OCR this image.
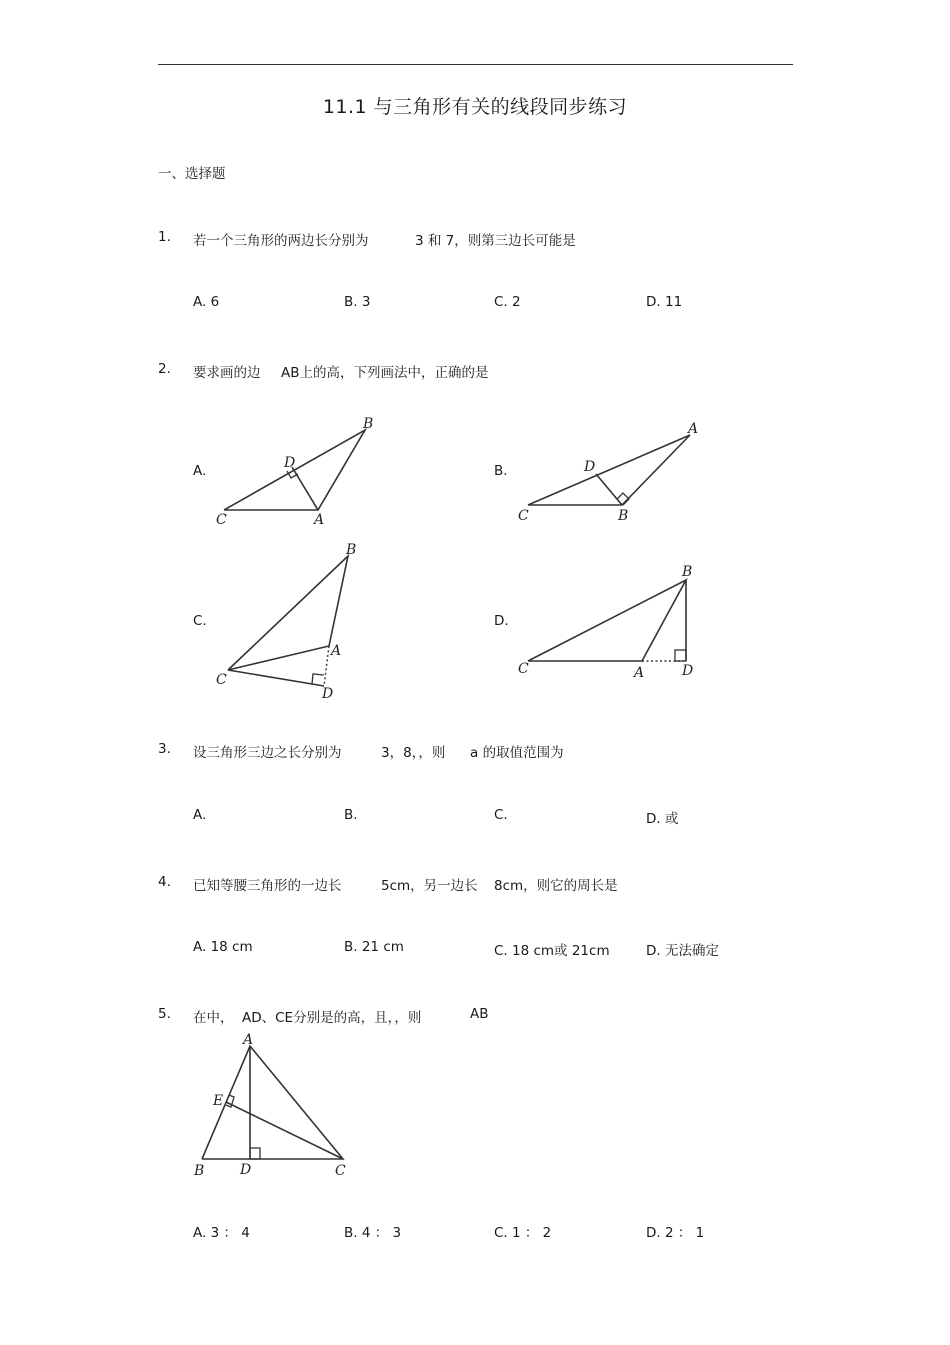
11.1 与三角形有关的线段同步练习
一、选择题
1. 若一个三角形的两边长分别为	3 和 7，则第三边长可能是
A. 6	B. 3	C. 2	D. 11
2. 要求画的边 AB上的高，下列画法中，正确的是
A.	B.
C.	D.
B
D
C	A
A
D
C	B
B
A
C
D
B
C	A	D
3. 设三角形三边之长分别为	3，8，，则 a 的取值范围为
A.	B.	C.	D. 或
4. 已知等腰三角形的一边长	5cm，另一边长 8cm，则它的周长是
A. 18 cm	B. 21 cm	C. 18 cm或 21cm	D. 无法确定
5. 在中， AD、CE分别是的高，且，，则	AB
A
E
B	D	C
A. 3 ： 4	B. 4 ： 3	C. 1 ： 2	D. 2 ： 1
